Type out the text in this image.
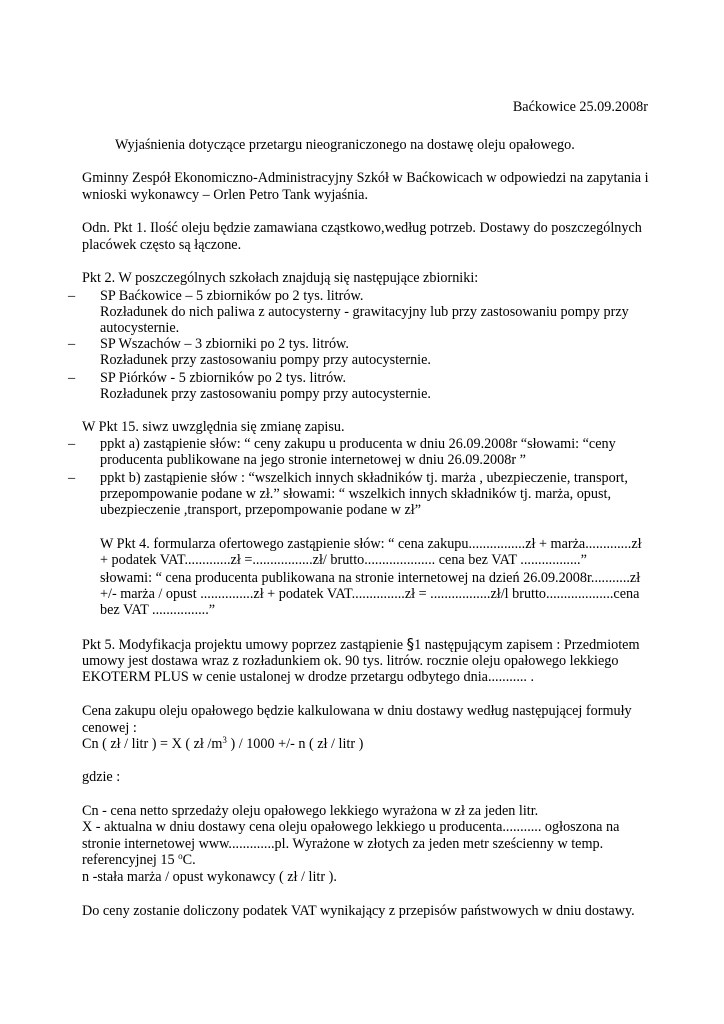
Baćkowice 25.09.2008r
Wyjaśnienia dotyczące przetargu nieograniczonego na dostawę oleju opałowego.
Gminny Zespół Ekonomiczno-Administracyjny Szkół w Baćkowicach w odpowiedzi na zapytania i
wnioski wykonawcy – Orlen Petro Tank wyjaśnia.
Odn. Pkt 1. Ilość oleju będzie zamawiana cząstkowo,według potrzeb. Dostawy do poszczególnych
placówek często są łączone.
Pkt 2. W poszczególnych szkołach znajdują się następujące zbiorniki:
– SP Baćkowice – 5 zbiorników po 2 tys. litrów.
Rozładunek do nich paliwa z autocysterny - grawitacyjny lub przy zastosowaniu pompy przy
autocysternie.
– SP Wszachów – 3 zbiorniki po 2 tys. litrów.
Rozładunek przy zastosowaniu pompy przy autocysternie.
– SP Piórków - 5 zbiorników po 2 tys. litrów.
Rozładunek przy zastosowaniu pompy przy autocysternie.
W Pkt 15. siwz uwzględnia się zmianę zapisu.
– ppkt a) zastąpienie słów: “ ceny zakupu u producenta w dniu 26.09.2008r “słowami: “ceny
producenta publikowane na jego stronie internetowej w dniu 26.09.2008r ”
– ppkt b) zastąpienie słów : “wszelkich innych składników tj. marża , ubezpieczenie, transport,
przepompowanie podane w zł.” słowami: “ wszelkich innych składników tj. marża, opust,
ubezpieczenie ,transport, przepompowanie podane w zł”
W Pkt 4. formularza ofertowego zastąpienie słów: “ cena zakupu................zł + marża.............zł
+ podatek VAT.............zł =.................zł/ brutto.................... cena bez VAT .................”
słowami: “ cena producenta publikowana na stronie internetowej na dzień 26.09.2008r...........zł
+/- marża / opust ...............zł + podatek VAT...............zł = .................zł/l brutto...................cena
bez VAT ................”
Pkt 5. Modyfikacja projektu umowy poprzez zastąpienie §1 następującym zapisem : Przedmiotem
umowy jest dostawa wraz z rozładunkiem ok. 90 tys. litrów. rocznie oleju opałowego lekkiego
EKOTERM PLUS w cenie ustalonej w drodze przetargu odbytego dnia........... .
Cena zakupu oleju opałowego będzie kalkulowana w dniu dostawy według następującej formuły
cenowej :
Cn ( zł / litr ) = X ( zł $/m^3$ ) / 1000 +/- n ( zł / litr )
gdzie :
Cn - cena netto sprzedaży oleju opałowego lekkiego wyrażona w zł za jeden litr.
X - aktualna w dniu dostawy cena oleju opałowego lekkiego u producenta........... ogłoszona na
stronie internetowej www.............pl. Wyrażone w złotych za jeden metr sześcienny w temp.
referencyjnej 15 $^o$C.
n -stała marża / opust wykonawcy ( zł / litr ).
Do ceny zostanie doliczony podatek VAT wynikający z przepisów państwowych w dniu dostawy.
